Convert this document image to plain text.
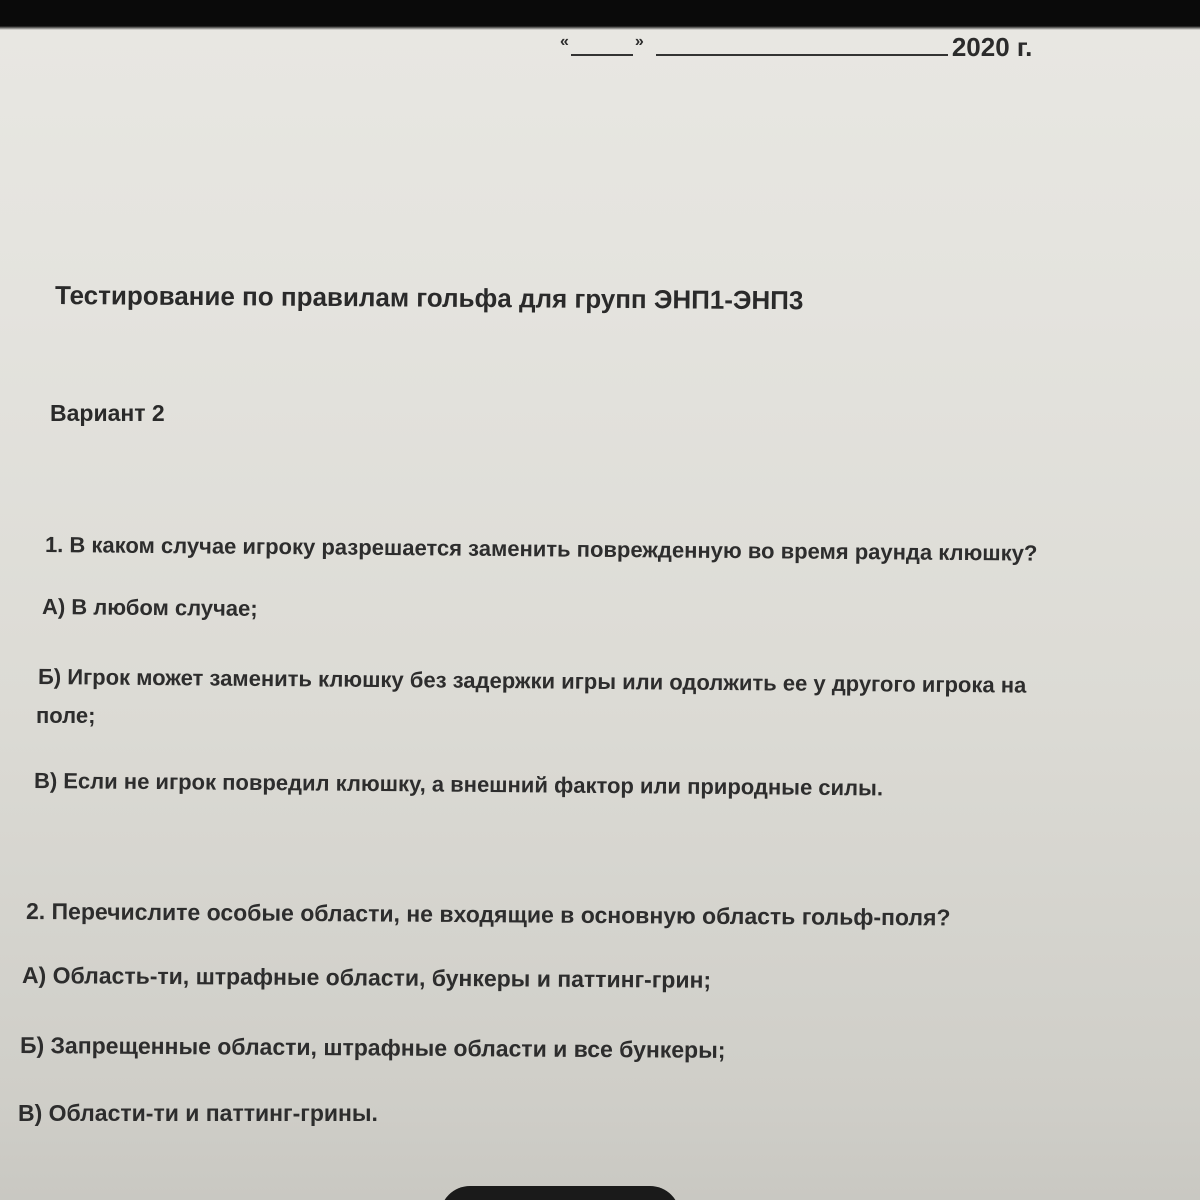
«	»	2020 г.
Тестирование по правилам гольфа для групп ЭНП1-ЭНП3
Вариант 2
1. В каком случае игроку разрешается заменить поврежденную во время раунда клюшку?
А) В любом случае;
Б) Игрок может заменить клюшку без задержки игры или одолжить ее у другого игрока на
поле;
В) Если не игрок повредил клюшку, а внешний фактор или природные силы.
2. Перечислите особые области, не входящие в основную область гольф-поля?
А) Область-ти, штрафные области, бункеры и паттинг-грин;
Б) Запрещенные области, штрафные области и все бункеры;
В) Области-ти и паттинг-грины.
